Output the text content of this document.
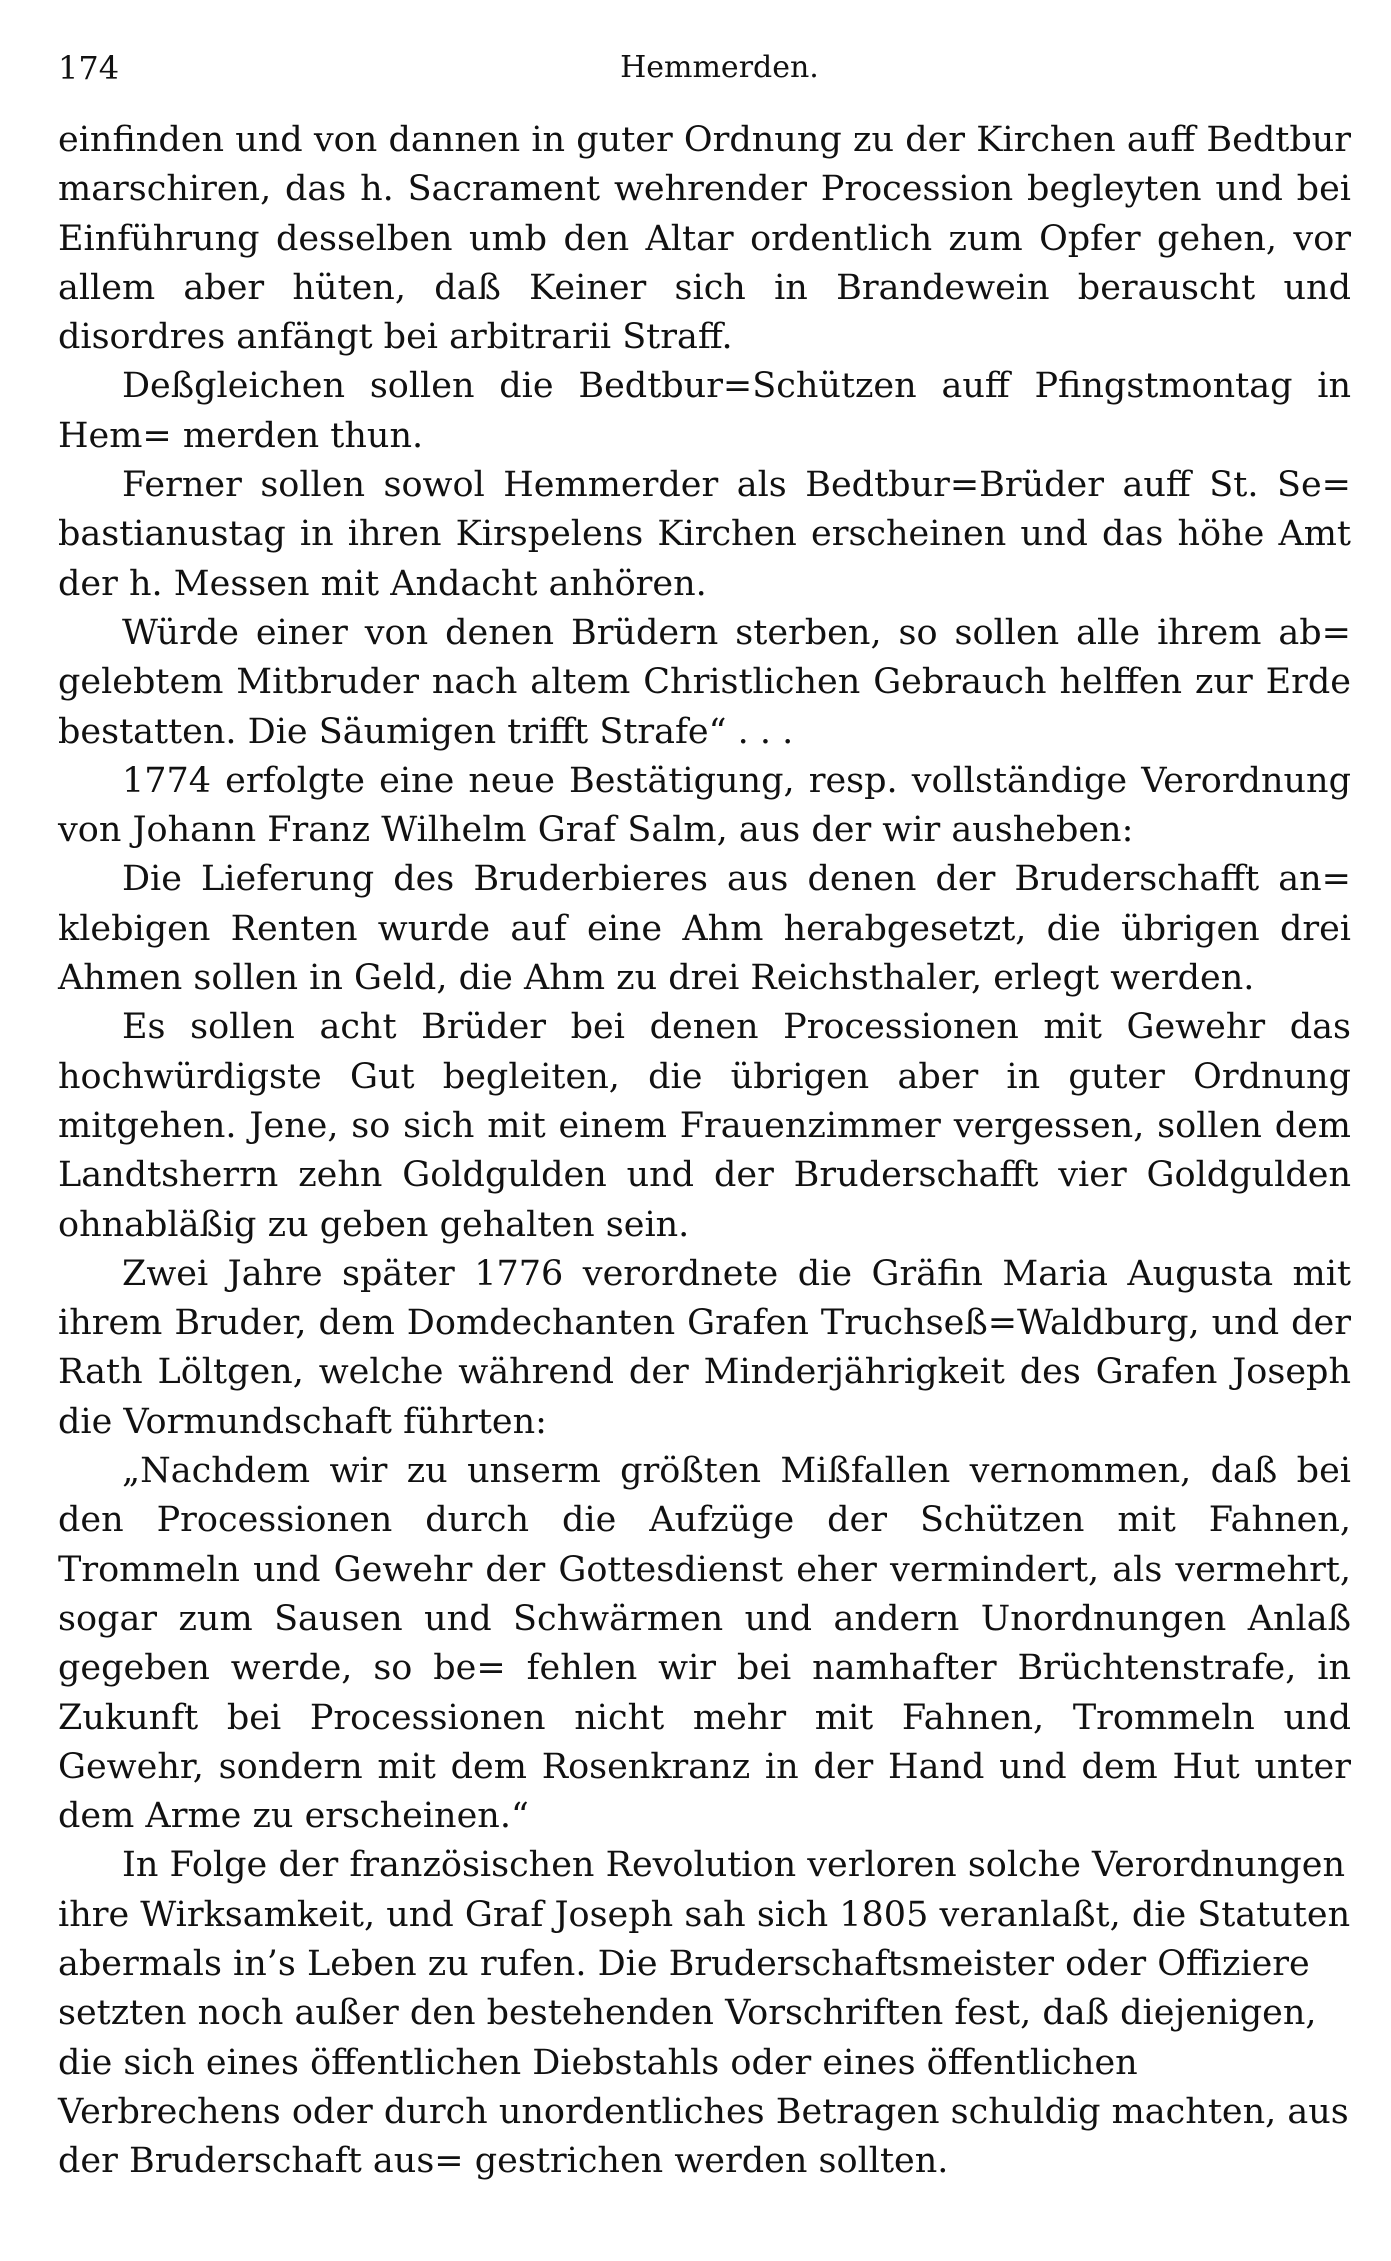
174	Hemmerden.

einfinden und von dannen in guter Ordnung zu der Kirchen auff Bedtbur marschiren, das h. Sacrament wehrender Procession begleyten und bei Einführung desselben umb den Altar ordentlich zum Opfer gehen, vor allem aber hüten, daß Keiner sich in Brandewein berauscht und disordres anfängt bei arbitrarii Straff.

Deßgleichen sollen die Bedtbur=Schützen auff Pfingstmontag in Hem= merden thun.

Ferner sollen sowol Hemmerder als Bedtbur=Brüder auff St. Se= bastianustag in ihren Kirspelens Kirchen erscheinen und das höhe Amt der h. Messen mit Andacht anhören.

Würde einer von denen Brüdern sterben, so sollen alle ihrem ab= gelebtem Mitbruder nach altem Christlichen Gebrauch helffen zur Erde bestatten. Die Säumigen trifft Strafe“ . . .

1774 erfolgte eine neue Bestätigung, resp. vollständige Verordnung von Johann Franz Wilhelm Graf Salm, aus der wir ausheben:

Die Lieferung des Bruderbieres aus denen der Bruderschafft an= klebigen Renten wurde auf eine Ahm herabgesetzt, die übrigen drei Ahmen sollen in Geld, die Ahm zu drei Reichsthaler, erlegt werden.

Es sollen acht Brüder bei denen Processionen mit Gewehr das hochwürdigste Gut begleiten, die übrigen aber in guter Ordnung mitgehen. Jene, so sich mit einem Frauenzimmer vergessen, sollen dem Landtsherrn zehn Goldgulden und der Bruderschafft vier Goldgulden ohnabläßig zu geben gehalten sein.

Zwei Jahre später 1776 verordnete die Gräfin Maria Augusta mit ihrem Bruder, dem Domdechanten Grafen Truchseß=Waldburg, und der Rath Löltgen, welche während der Minderjährigkeit des Grafen Joseph die Vormundschaft führten:

„Nachdem wir zu unserm größten Mißfallen vernommen, daß bei den Processionen durch die Aufzüge der Schützen mit Fahnen, Trommeln und Gewehr der Gottesdienst eher vermindert, als vermehrt, sogar zum Sausen und Schwärmen und andern Unordnungen Anlaß gegeben werde, so be= fehlen wir bei namhafter Brüchtenstrafe, in Zukunft bei Processionen nicht mehr mit Fahnen, Trommeln und Gewehr, sondern mit dem Rosenkranz in der Hand und dem Hut unter dem Arme zu erscheinen.“

In Folge der französischen Revolution verloren solche Verordnungen ihre Wirksamkeit, und Graf Joseph sah sich 1805 veranlaßt, die Statuten abermals in’s Leben zu rufen. Die Bruderschaftsmeister oder Offiziere setzten noch außer den bestehenden Vorschriften fest, daß diejenigen, die sich eines öffentlichen Diebstahls oder eines öffentlichen Verbrechens oder durch unordentliches Betragen schuldig machten, aus der Bruderschaft aus= gestrichen werden sollten.
